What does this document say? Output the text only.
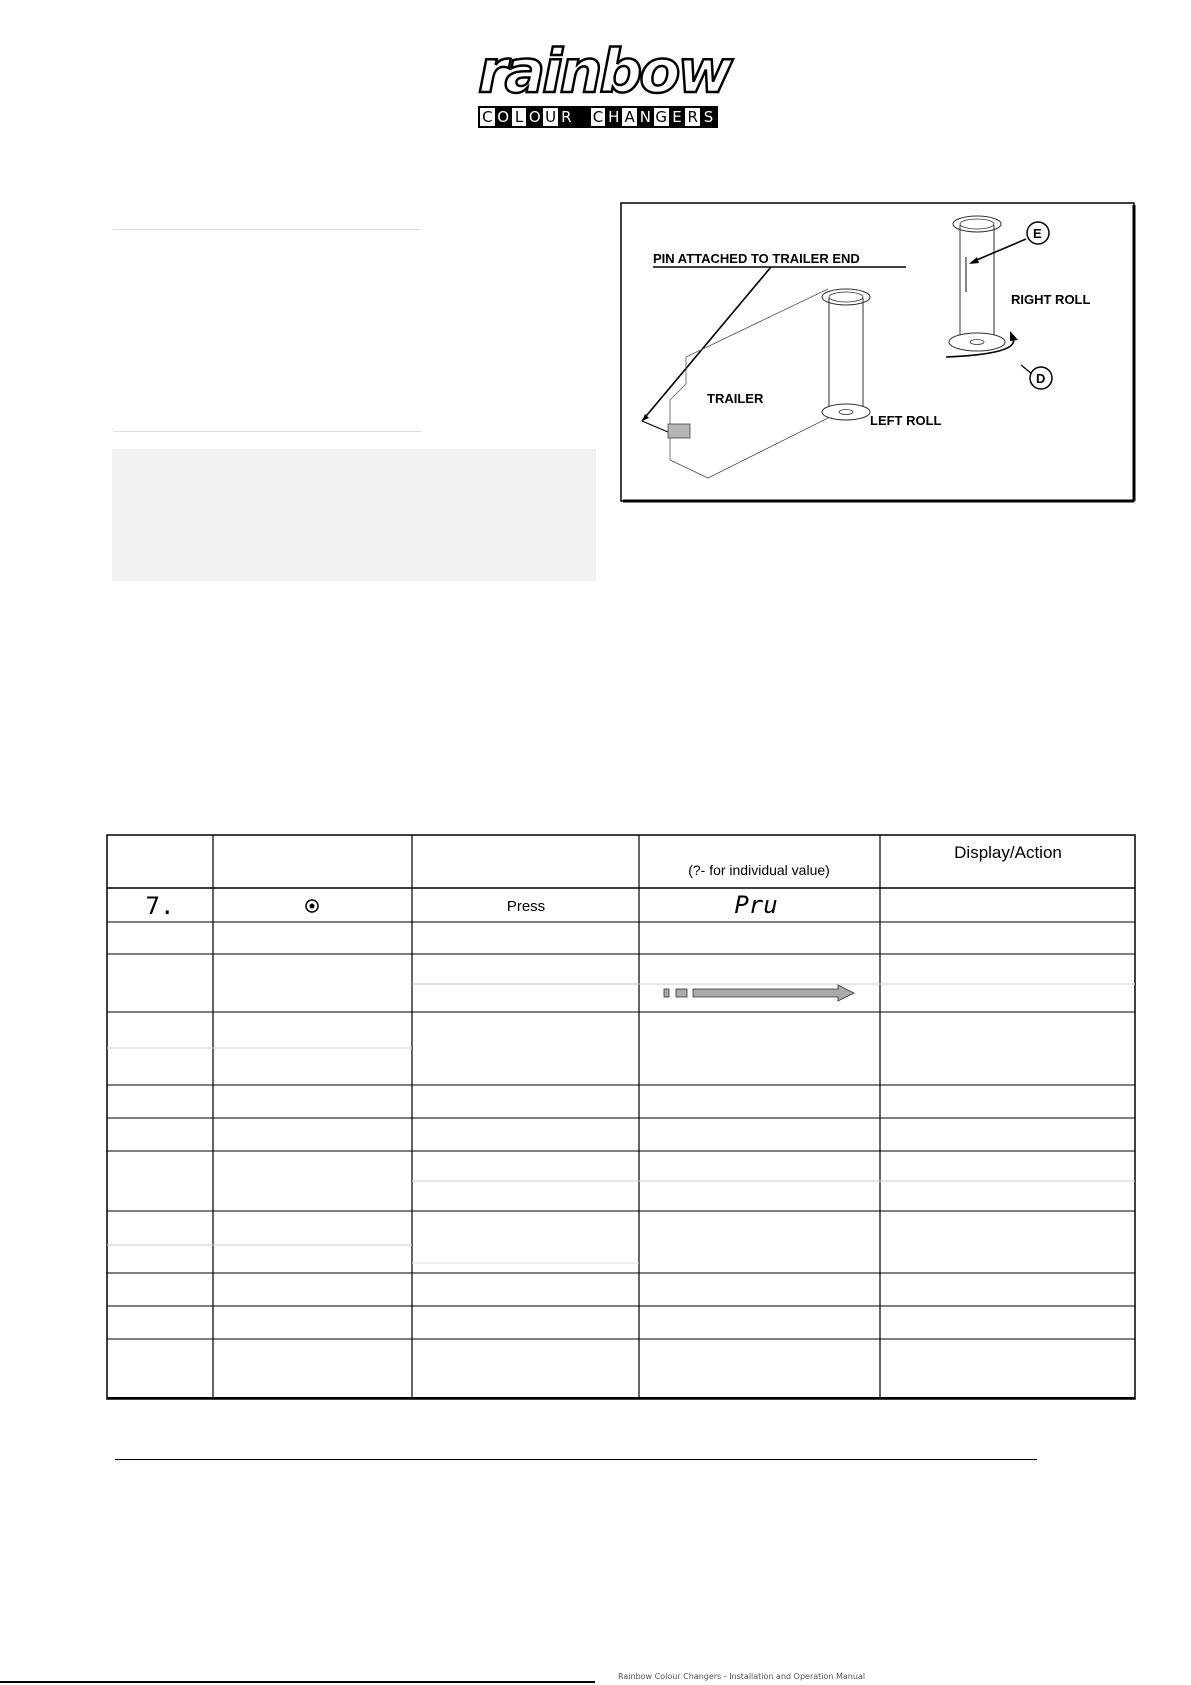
rainbow
C O L O U R C H A N G E R S
PIN ATTACHED TO TRAILER END
TRAILER
LEFT ROLL
RIGHT ROLL
E
D
(?- for individual value)
Display/Action
7.	Press	Pru
Rainbow Colour Changers - Installation and Operation Manual
